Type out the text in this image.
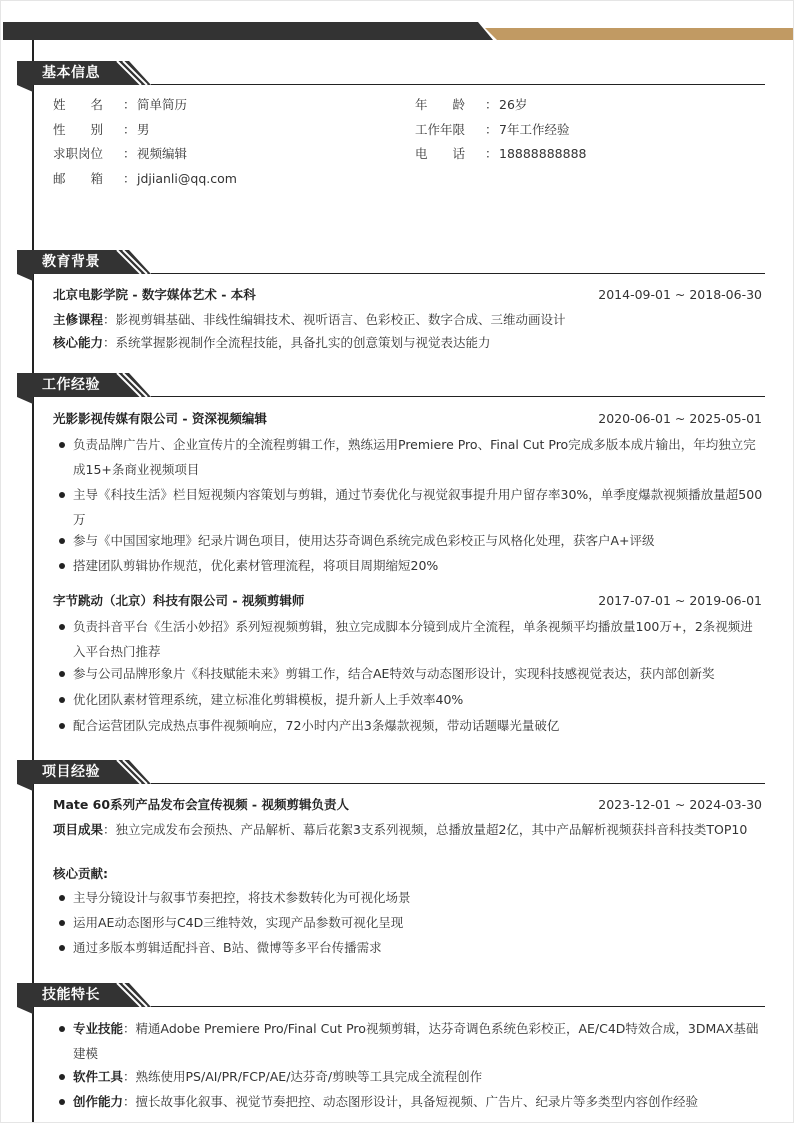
基本信息
姓　　名 ：简单简历
性　　别 ：男
求职岗位 ：视频编辑
邮　　箱 ：jdjianli@qq.com
年　　龄 ：26岁
工作年限 ：7年工作经验
电　　话 ：18888888888
教育背景
北京电影学院 - 数字媒体艺术 - 本科	2014-09-01 ~ 2018-06-30
主修课程：影视剪辑基础、非线性编辑技术、视听语言、色彩校正、数字合成、三维动画设计
核心能力：系统掌握影视制作全流程技能，具备扎实的创意策划与视觉表达能力
工作经验
光影影视传媒有限公司 - 资深视频编辑	2020-06-01 ~ 2025-05-01
负责品牌广告片、企业宣传片的全流程剪辑工作，熟练运用Premiere Pro、Final Cut Pro完成多版本成片输出，年均独立完成15+条商业视频项目
主导《科技生活》栏目短视频内容策划与剪辑，通过节奏优化与视觉叙事提升用户留存率30%，单季度爆款视频播放量超500万
参与《中国国家地理》纪录片调色项目，使用达芬奇调色系统完成色彩校正与风格化处理，获客户A+评级
搭建团队剪辑协作规范，优化素材管理流程，将项目周期缩短20%
字节跳动（北京）科技有限公司 - 视频剪辑师	2017-07-01 ~ 2019-06-01
负责抖音平台《生活小妙招》系列短视频剪辑，独立完成脚本分镜到成片全流程，单条视频平均播放量100万+，2条视频进入平台热门推荐
参与公司品牌形象片《科技赋能未来》剪辑工作，结合AE特效与动态图形设计，实现科技感视觉表达，获内部创新奖
优化团队素材管理系统，建立标准化剪辑模板，提升新人上手效率40%
配合运营团队完成热点事件视频响应，72小时内产出3条爆款视频，带动话题曝光量破亿
项目经验
Mate 60系列产品发布会宣传视频 - 视频剪辑负责人	2023-12-01 ~ 2024-03-30
项目成果：独立完成发布会预热、产品解析、幕后花絮3支系列视频，总播放量超2亿，其中产品解析视频获抖音科技类TOP10
核心贡献:
主导分镜设计与叙事节奏把控，将技术参数转化为可视化场景
运用AE动态图形与C4D三维特效，实现产品参数可视化呈现
通过多版本剪辑适配抖音、B站、微博等多平台传播需求
技能特长
专业技能：精通Adobe Premiere Pro/Final Cut Pro视频剪辑，达芬奇调色系统色彩校正，AE/C4D特效合成，3DMAX基础建模
软件工具：熟练使用PS/AI/PR/FCP/AE/达芬奇/剪映等工具完成全流程创作
创作能力：擅长故事化叙事、视觉节奏把控、动态图形设计，具备短视频、广告片、纪录片等多类型内容创作经验
